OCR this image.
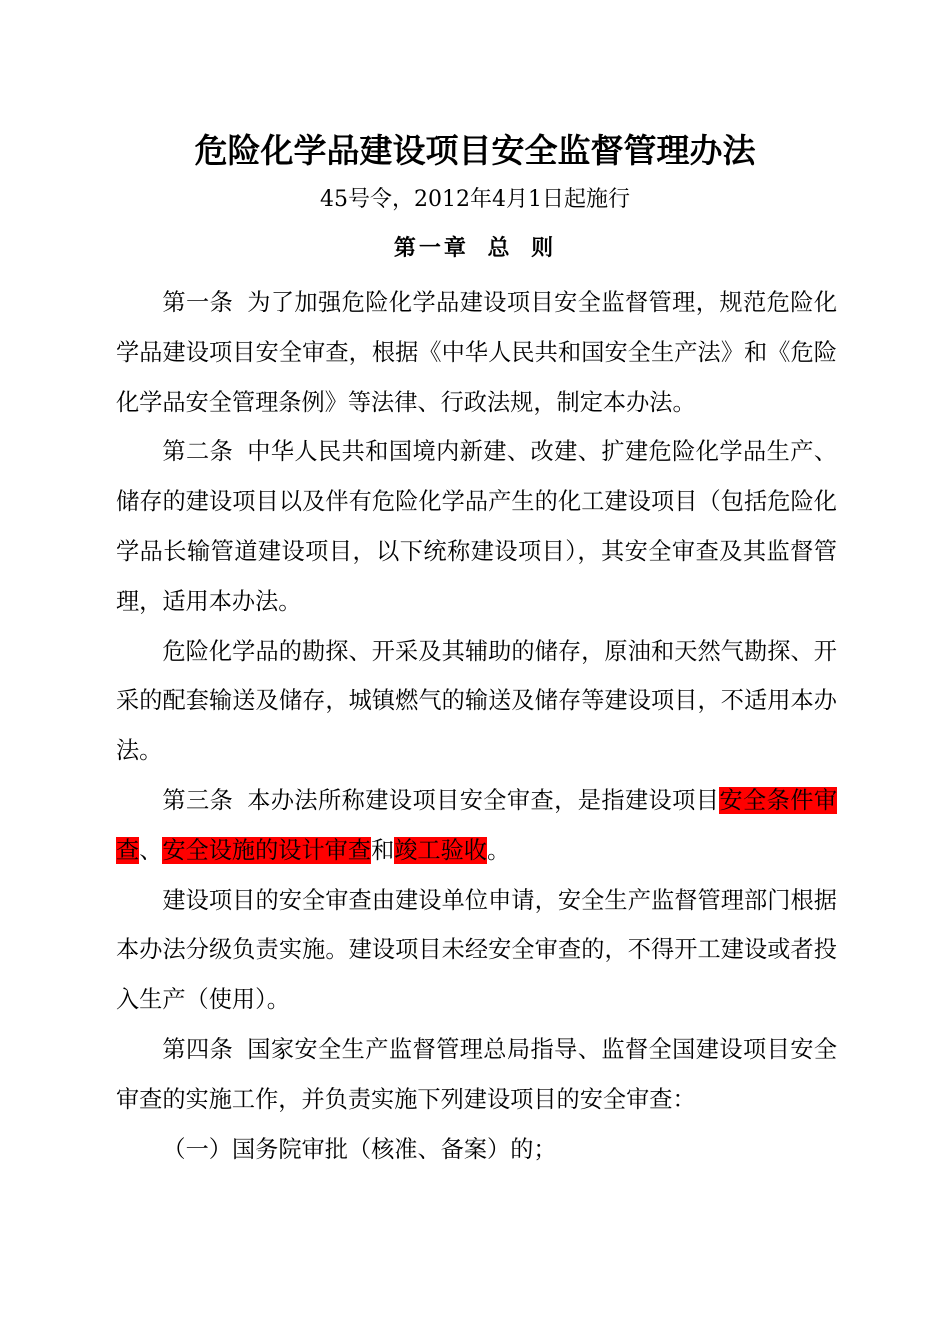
危险化学品建设项目安全监督管理办法
45号令，2012年4月1日起施行
第一章 总 则

第一条 为了加强危险化学品建设项目安全监督管理，规范危险化学品建设项目安全审查，根据《中华人民共和国安全生产法》和《危险化学品安全管理条例》等法律、行政法规，制定本办法。

第二条 中华人民共和国境内新建、改建、扩建危险化学品生产、储存的建设项目以及伴有危险化学品产生的化工建设项目（包括危险化学品长输管道建设项目，以下统称建设项目），其安全审查及其监督管理，适用本办法。

危险化学品的勘探、开采及其辅助的储存，原油和天然气勘探、开采的配套输送及储存，城镇燃气的输送及储存等建设项目，不适用本办法。

第三条 本办法所称建设项目安全审查，是指建设项目安全条件审查、安全设施的设计审查和竣工验收。

建设项目的安全审查由建设单位申请，安全生产监督管理部门根据本办法分级负责实施。建设项目未经安全审查的，不得开工建设或者投入生产（使用）。

第四条 国家安全生产监督管理总局指导、监督全国建设项目安全审查的实施工作，并负责实施下列建设项目的安全审查：

（一）国务院审批（核准、备案）的；
